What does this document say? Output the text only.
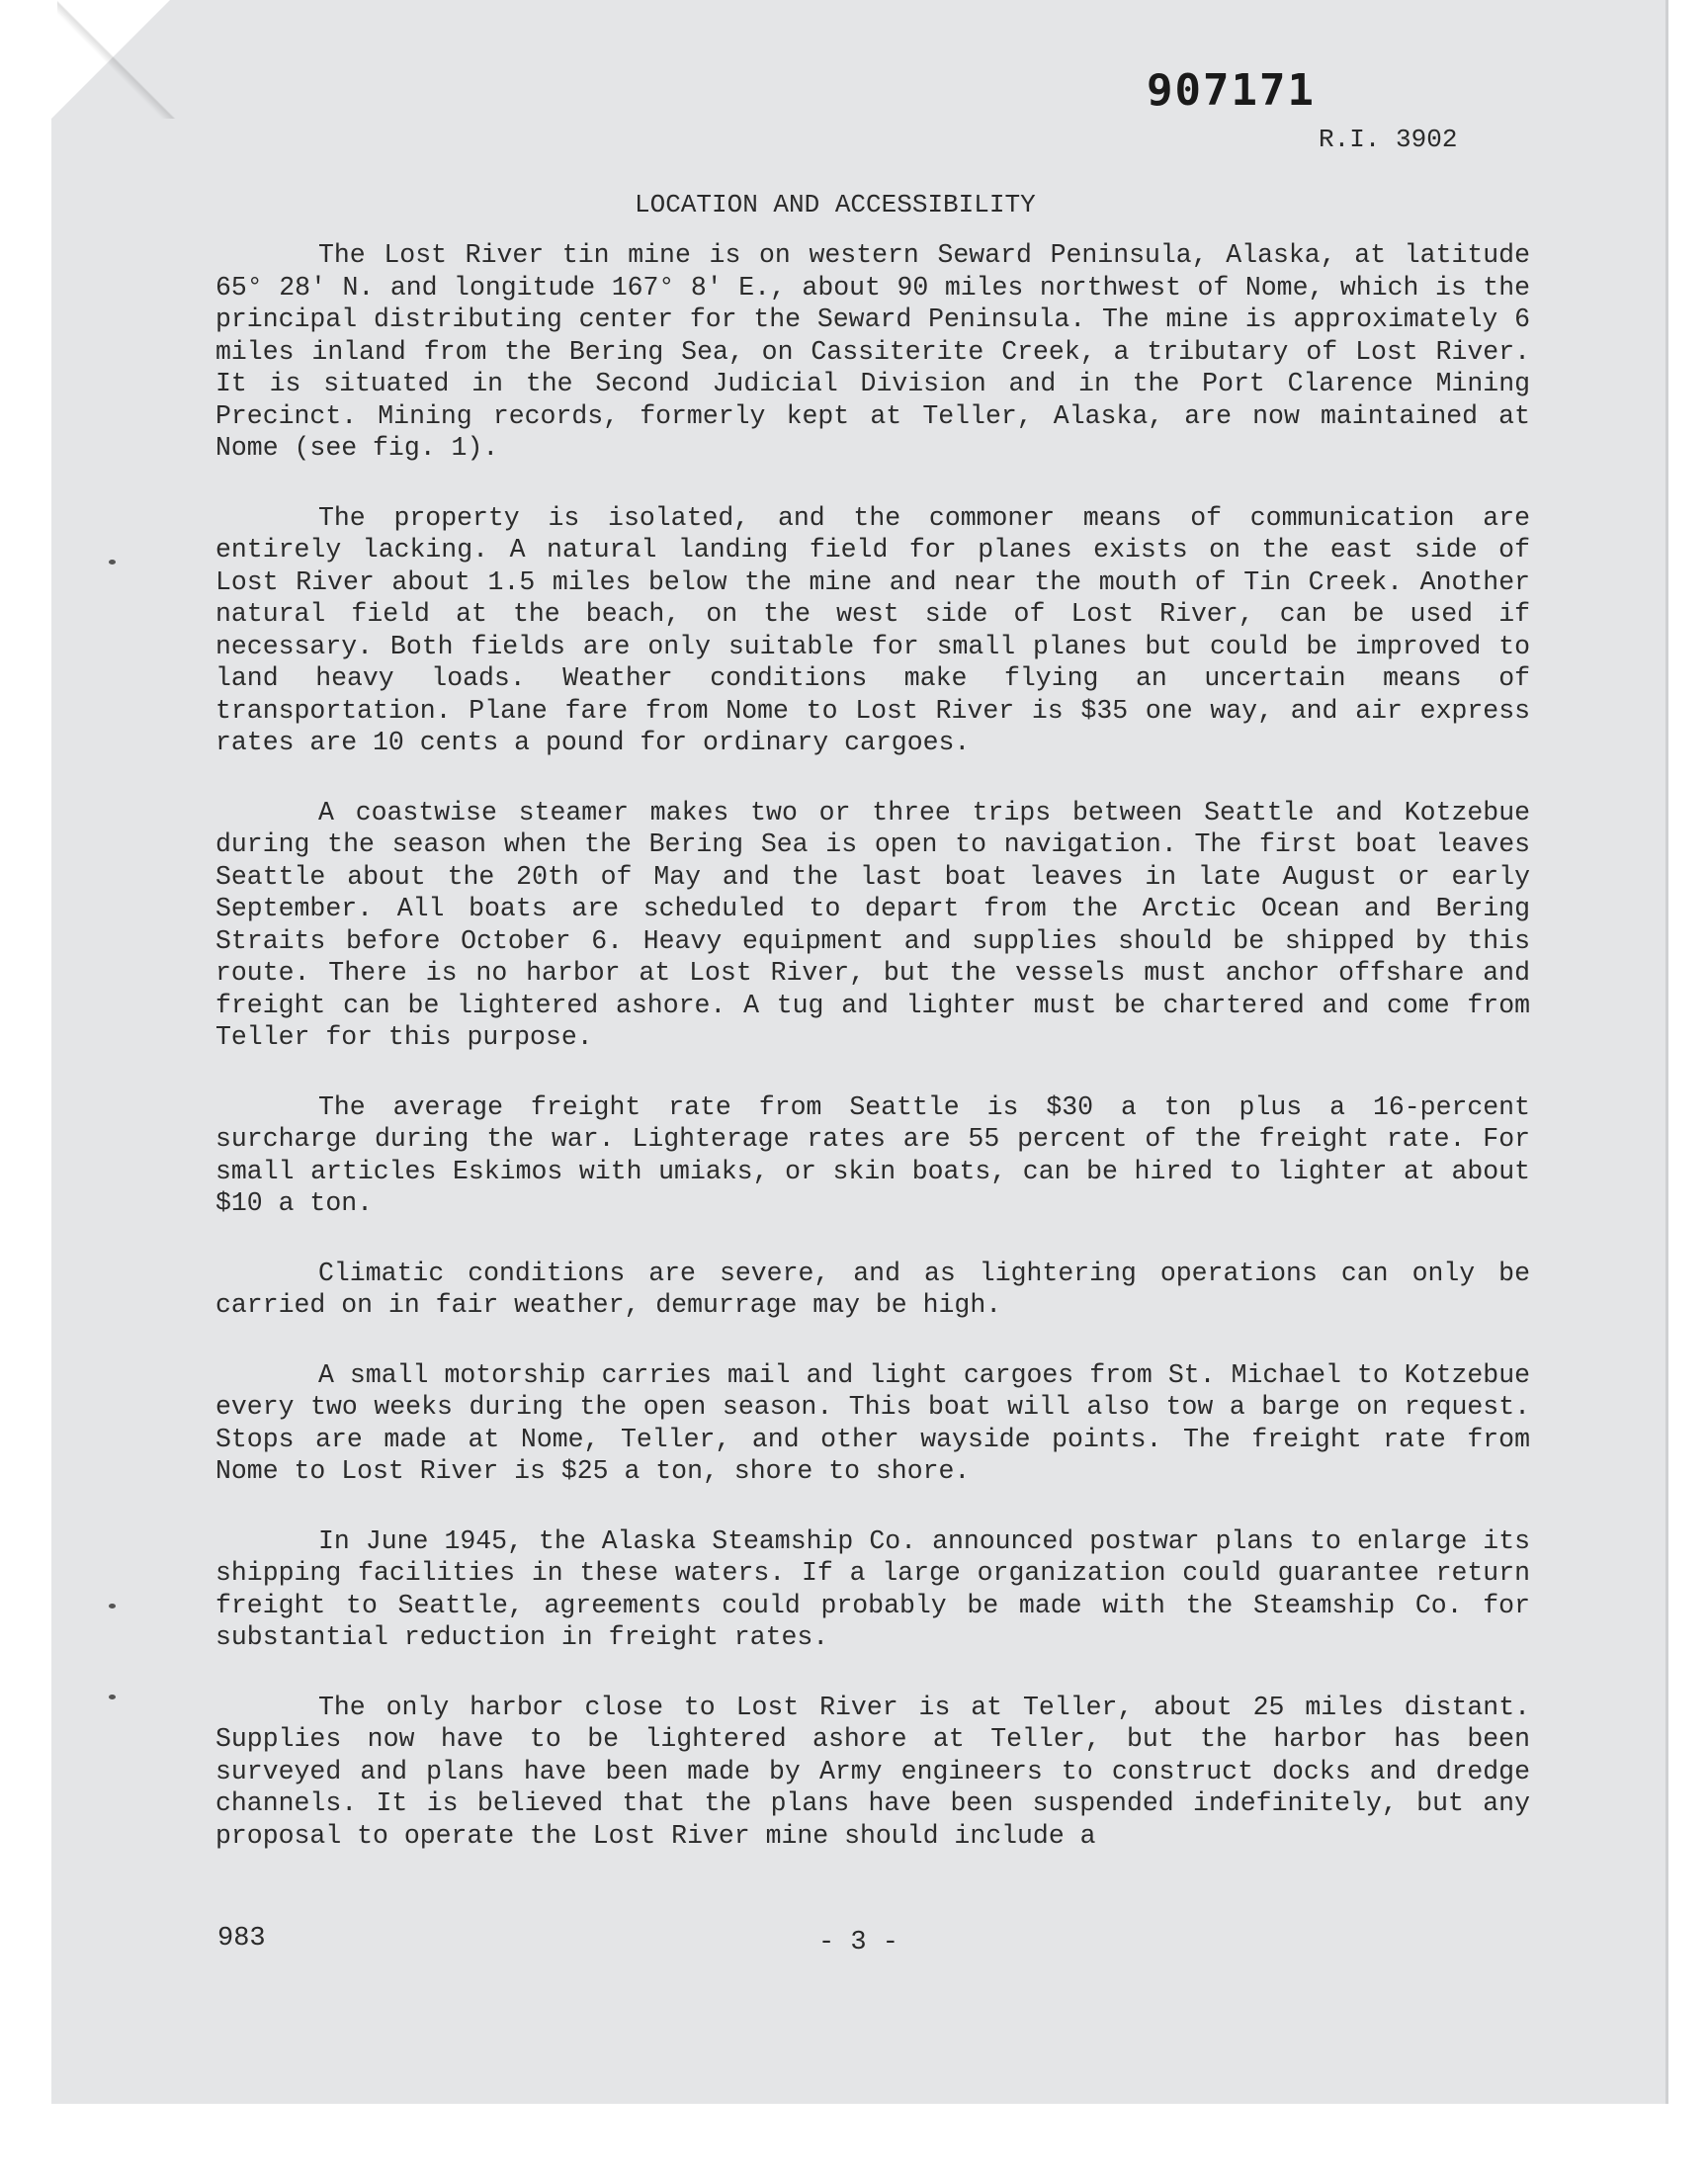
907171
R.I. 3902
LOCATION AND ACCESSIBILITY

The Lost River tin mine is on western Seward Peninsula, Alaska, at latitude 65° 28' N. and longitude 167° 8' E., about 90 miles northwest of Nome, which is the principal distributing center for the Seward Peninsula. The mine is approximately 6 miles inland from the Bering Sea, on Cassiterite Creek, a tributary of Lost River. It is situated in the Second Judicial Division and in the Port Clarence Mining Precinct. Mining records, formerly kept at Teller, Alaska, are now maintained at Nome (see fig. 1).

The property is isolated, and the commoner means of communication are entirely lacking. A natural landing field for planes exists on the east side of Lost River about 1.5 miles below the mine and near the mouth of Tin Creek. Another natural field at the beach, on the west side of Lost River, can be used if necessary. Both fields are only suitable for small planes but could be improved to land heavy loads. Weather conditions make flying an uncertain means of transportation. Plane fare from Nome to Lost River is $35 one way, and air express rates are 10 cents a pound for ordinary cargoes.

A coastwise steamer makes two or three trips between Seattle and Kotzebue during the season when the Bering Sea is open to navigation. The first boat leaves Seattle about the 20th of May and the last boat leaves in late August or early September. All boats are scheduled to depart from the Arctic Ocean and Bering Straits before October 6. Heavy equipment and supplies should be shipped by this route. There is no harbor at Lost River, but the vessels must anchor offshare and freight can be lightered ashore. A tug and lighter must be chartered and come from Teller for this purpose.

The average freight rate from Seattle is $30 a ton plus a 16-percent surcharge during the war. Lighterage rates are 55 percent of the freight rate. For small articles Eskimos with umiaks, or skin boats, can be hired to lighter at about $10 a ton.

Climatic conditions are severe, and as lightering operations can only be carried on in fair weather, demurrage may be high.

A small motorship carries mail and light cargoes from St. Michael to Kotzebue every two weeks during the open season. This boat will also tow a barge on request. Stops are made at Nome, Teller, and other wayside points. The freight rate from Nome to Lost River is $25 a ton, shore to shore.

In June 1945, the Alaska Steamship Co. announced postwar plans to enlarge its shipping facilities in these waters. If a large organization could guarantee return freight to Seattle, agreements could probably be made with the Steamship Co. for substantial reduction in freight rates.

The only harbor close to Lost River is at Teller, about 25 miles distant. Supplies now have to be lightered ashore at Teller, but the harbor has been surveyed and plans have been made by Army engineers to construct docks and dredge channels. It is believed that the plans have been suspended indefinitely, but any proposal to operate the Lost River mine should include a

983	- 3 -
